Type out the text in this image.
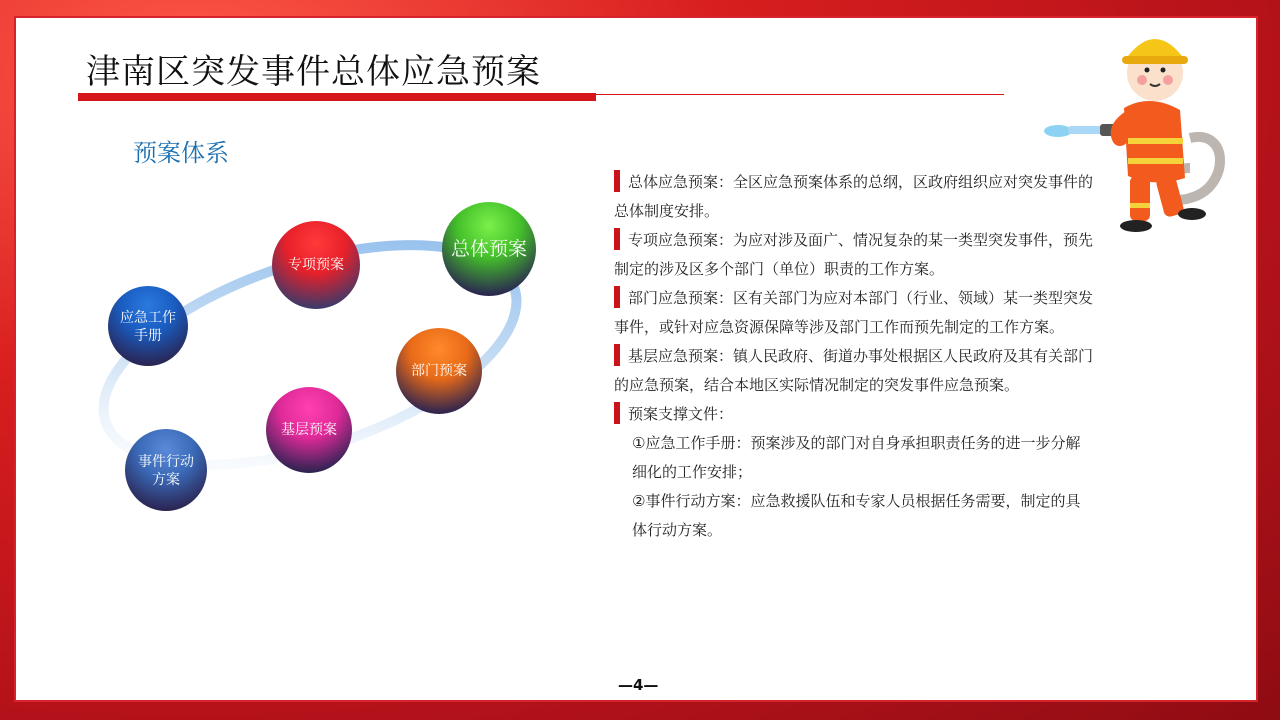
津南区突发事件总体应急预案
预案体系
专项预案
总体预案
应急工作
手册
部门预案
基层预案
事件行动
方案

总体应急预案：全区应急预案体系的总纲，区政府组织应对突发事件的总体制度安排。

专项应急预案：为应对涉及面广、情况复杂的某一类型突发事件，预先制定的涉及区多个部门（单位）职责的工作方案。

部门应急预案：区有关部门为应对本部门（行业、领域）某一类型突发事件，或针对应急资源保障等涉及部门工作而预先制定的工作方案。

基层应急预案：镇人民政府、街道办事处根据区人民政府及其有关部门的应急预案，结合本地区实际情况制定的突发事件应急预案。

预案支撑文件：

①应急工作手册：预案涉及的部门对自身承担职责任务的进一步分解细化的工作安排；

②事件行动方案：应急救援队伍和专家人员根据任务需要，制定的具体行动方案。

—4—
